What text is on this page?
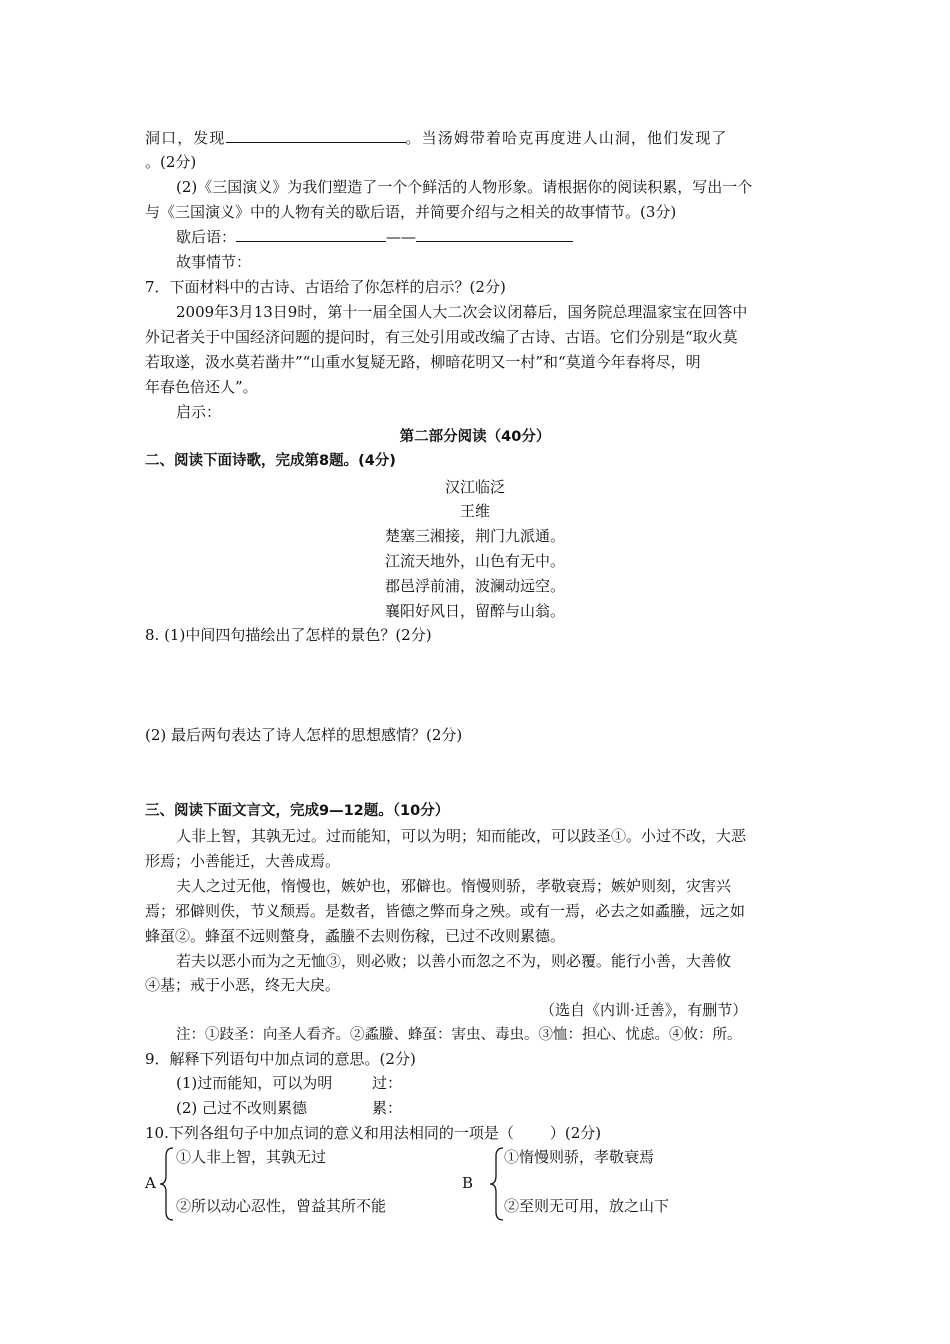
洞口，发现	。当汤姆带着哈克再度进人山洞，他们发现了
。(2分)
(2)《三国演义》为我们塑造了一个个鲜活的人物形象。请根据你的阅读积累，写出一个
与《三国演义》中的人物有关的歇后语，并简要介绍与之相关的故事情节。(3分)
歇后语：	——
故事情节：
7．下面材料中的古诗、古语给了你怎样的启示？(2分)
2009年3月13日9时，第十一届全国人大二次会议闭幕后，国务院总理温家宝在回答中
外记者关于中国经济问题的提问时，有三处引用或改编了古诗、古语。它们分别是“取火莫
若取遂，汲水莫若凿井”“山重水复疑无路，柳暗花明又一村”和“莫道今年春将尽，明
年春色倍还人”。
启示：
第二部分阅读（40分）
二、阅读下面诗歌，完成第8题。(4分)
汉江临泛
王维
楚塞三湘接，荆门九派通。
江流天地外，山色有无中。
郡邑浮前浦，波澜动远空。
襄阳好风日，留醉与山翁。
8. (1)中间四句描绘出了怎样的景色？(2分)
(2) 最后两句表达了诗人怎样的思想感情？(2分)
三、阅读下面文言文，完成9—12题。（10分）
人非上智，其孰无过。过而能知，可以为明；知而能改，可以跂圣①。小过不改，大恶
形焉；小善能迁，大善成焉。
夫人之过无他，惰慢也，嫉妒也，邪僻也。惰慢则骄，孝敬衰焉；嫉妒则刻，灾害兴
焉；邪僻则佚，节义颓焉。是数者，皆德之弊而身之殃。或有一焉，必去之如蟊螣，远之如
蜂虿②。蜂虿不远则螫身，蟊螣不去则伤稼，已过不改则累德。
若夫以恶小而为之无恤③，则必败；以善小而忽之不为，则必覆。能行小善，大善攸
④基；戒于小恶，终无大戾。
（选自《内训·迁善》，有删节）
注：①跂圣：向圣人看齐。②蟊螣、蜂虿：害虫、毒虫。③恤：担心、忧虑。④攸：所。
9．解释下列语句中加点词的意思。(2分)
(1)过而能知，可以为明	过：
(2) 己过不改则累德	累：
10.下列各组句子中加点词的意义和用法相同的一项是（ ）(2分)
A
①人非上智，其孰无过
②所以动心忍性，曾益其所不能
B
①惰慢则骄，孝敬衰焉
②至则无可用，放之山下
